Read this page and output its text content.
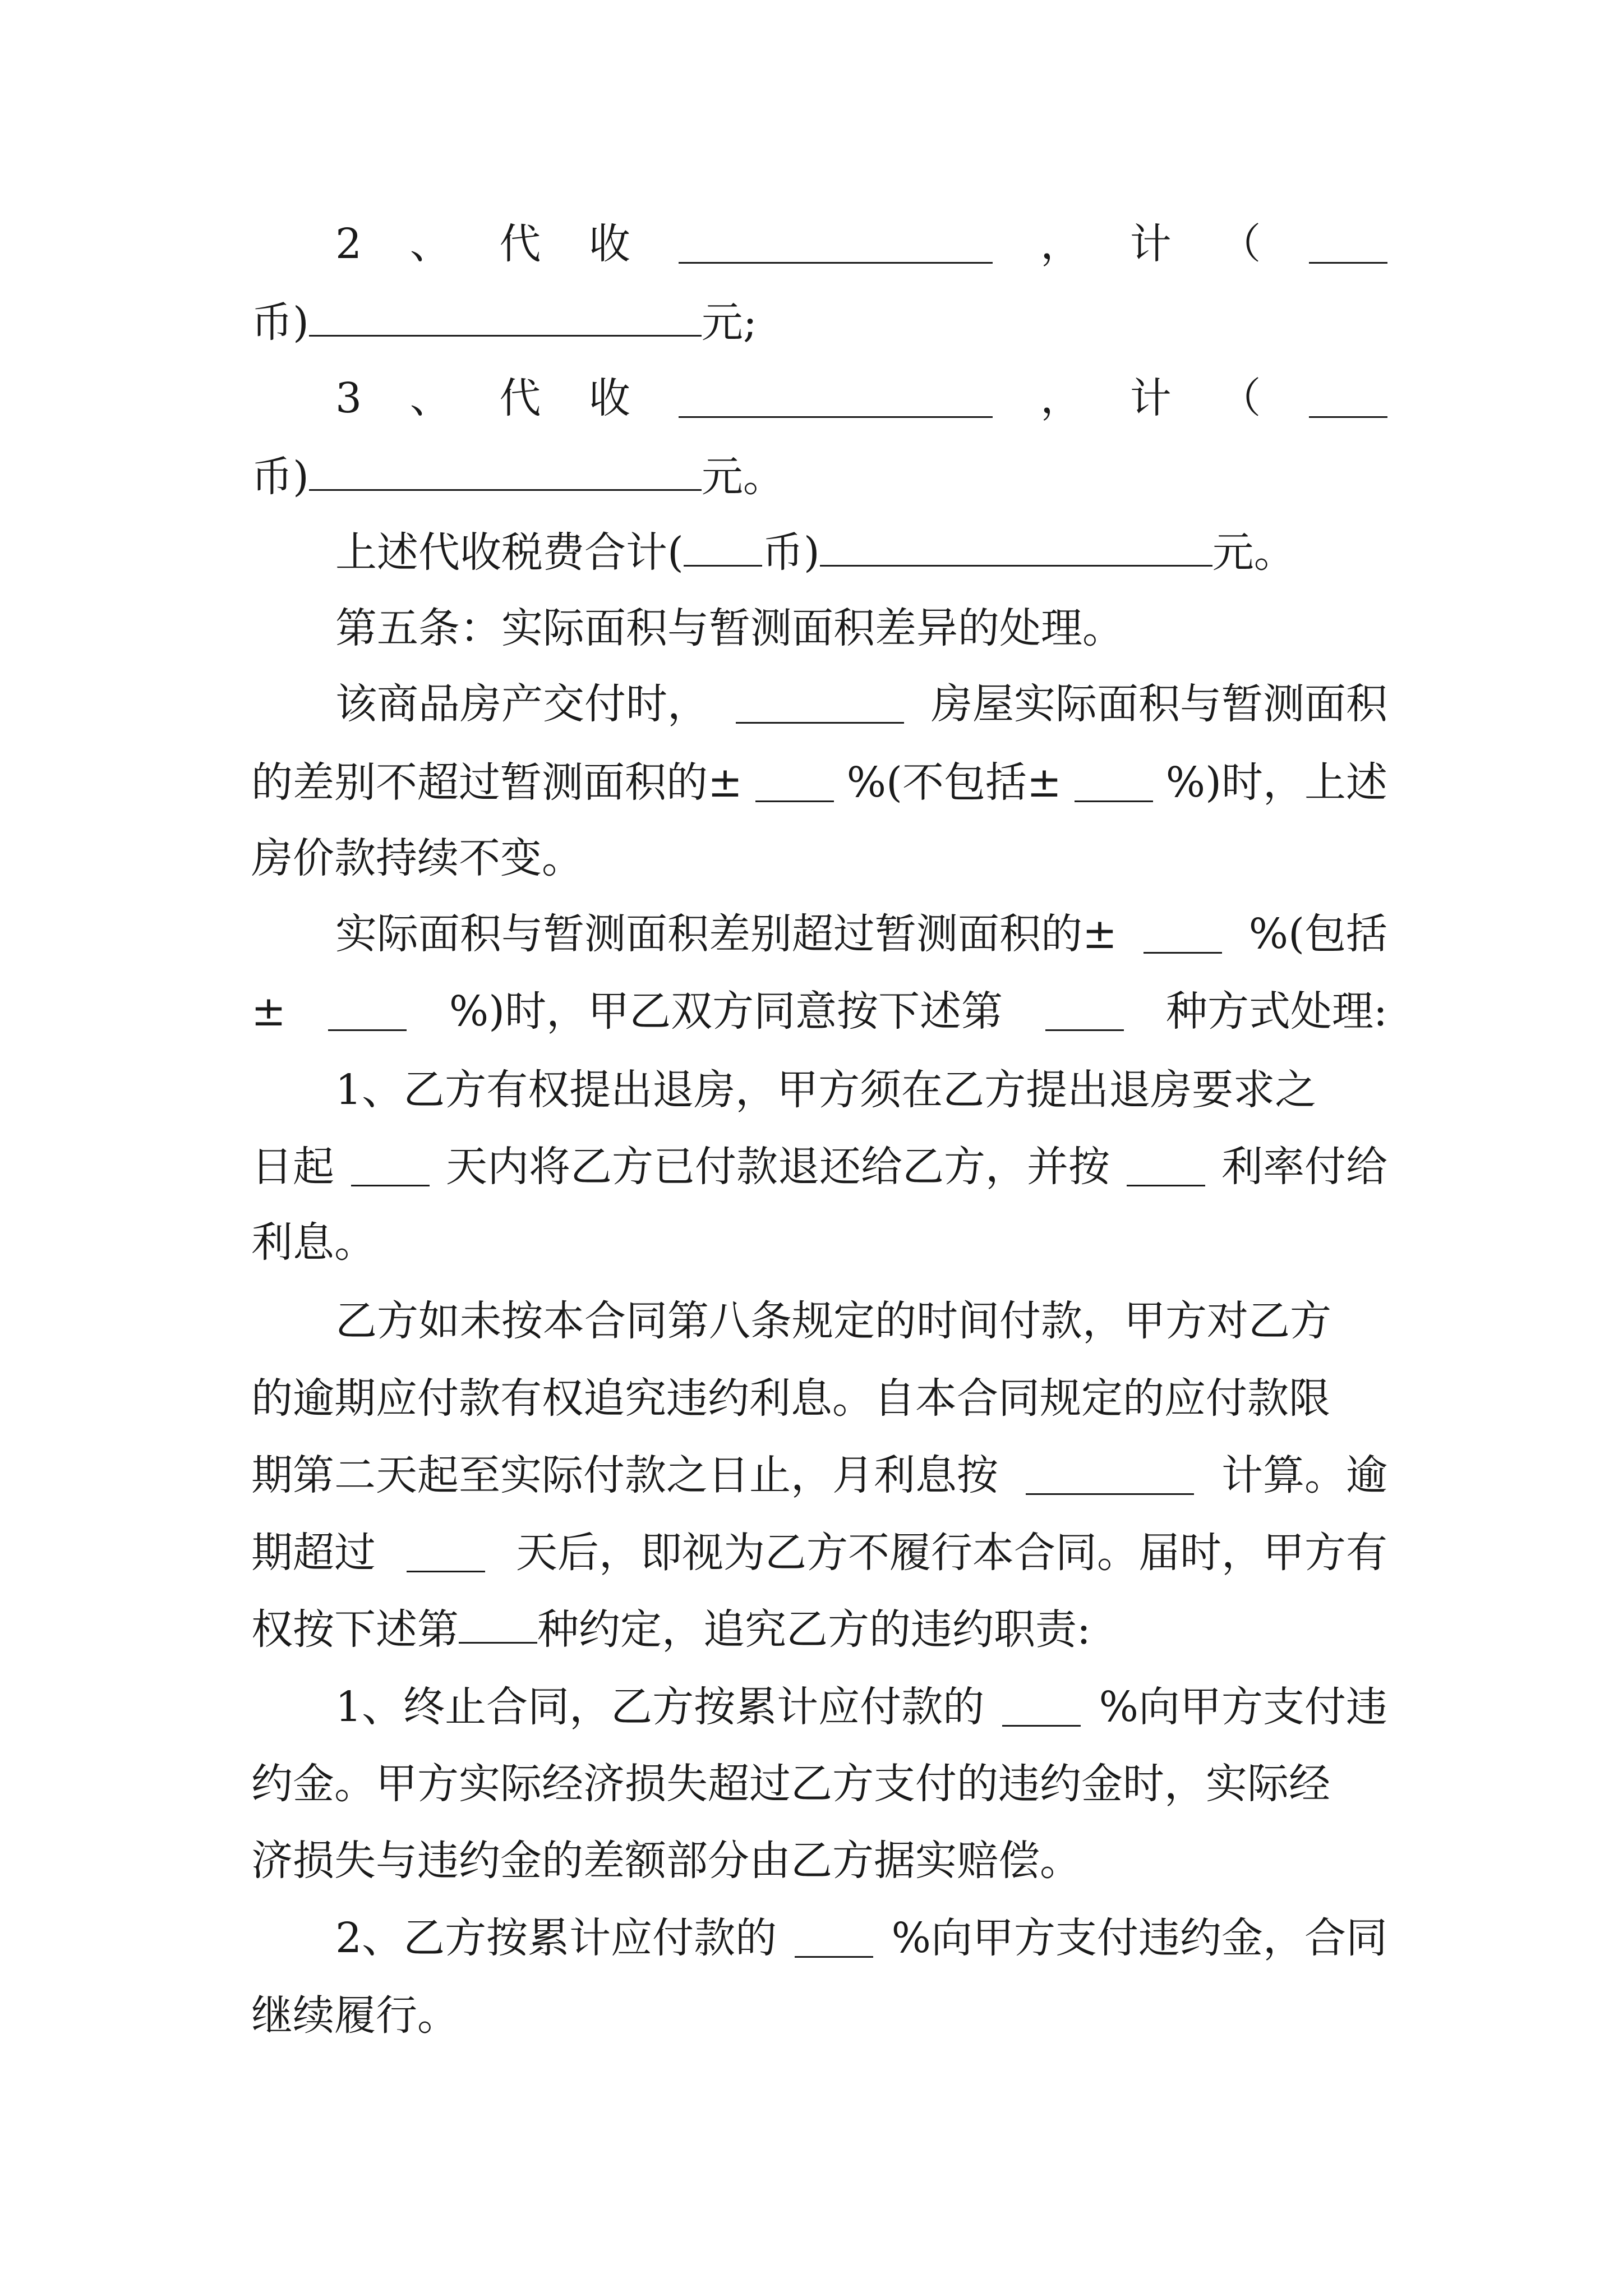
2 、 代 收	， 计 （
币)	元;
3 、 代 收	， 计 （
币)	元。
上述代收税费合计( 币)	元。
第五条：实际面积与暂测面积差异的处理。
该商品房产交付时，	房屋实际面积与暂测面积
的差别不超过暂测面积的±	%(不包括±	%)时，上述
房价款持续不变。
实际面积与暂测面积差别超过暂测面积的±	%(包括
±	%)时，甲乙双方同意按下述第	种方式处理:
1、乙方有权提出退房，甲方须在乙方提出退房要求之
日起	天内将乙方已付款退还给乙方，并按	利率付给
利息。
乙方如未按本合同第八条规定的时间付款，甲方对乙方
的逾期应付款有权追究违约利息。自本合同规定的应付款限
期第二天起至实际付款之日止，月利息按	计算。逾
期超过	天后，即视为乙方不履行本合同。届时，甲方有
权按下述第 种约定，追究乙方的违约职责:
1、终止合同，乙方按累计应付款的	%向甲方支付违
约金。甲方实际经济损失超过乙方支付的违约金时，实际经
济损失与违约金的差额部分由乙方据实赔偿。
2、乙方按累计应付款的	%向甲方支付违约金，合同
继续履行。
